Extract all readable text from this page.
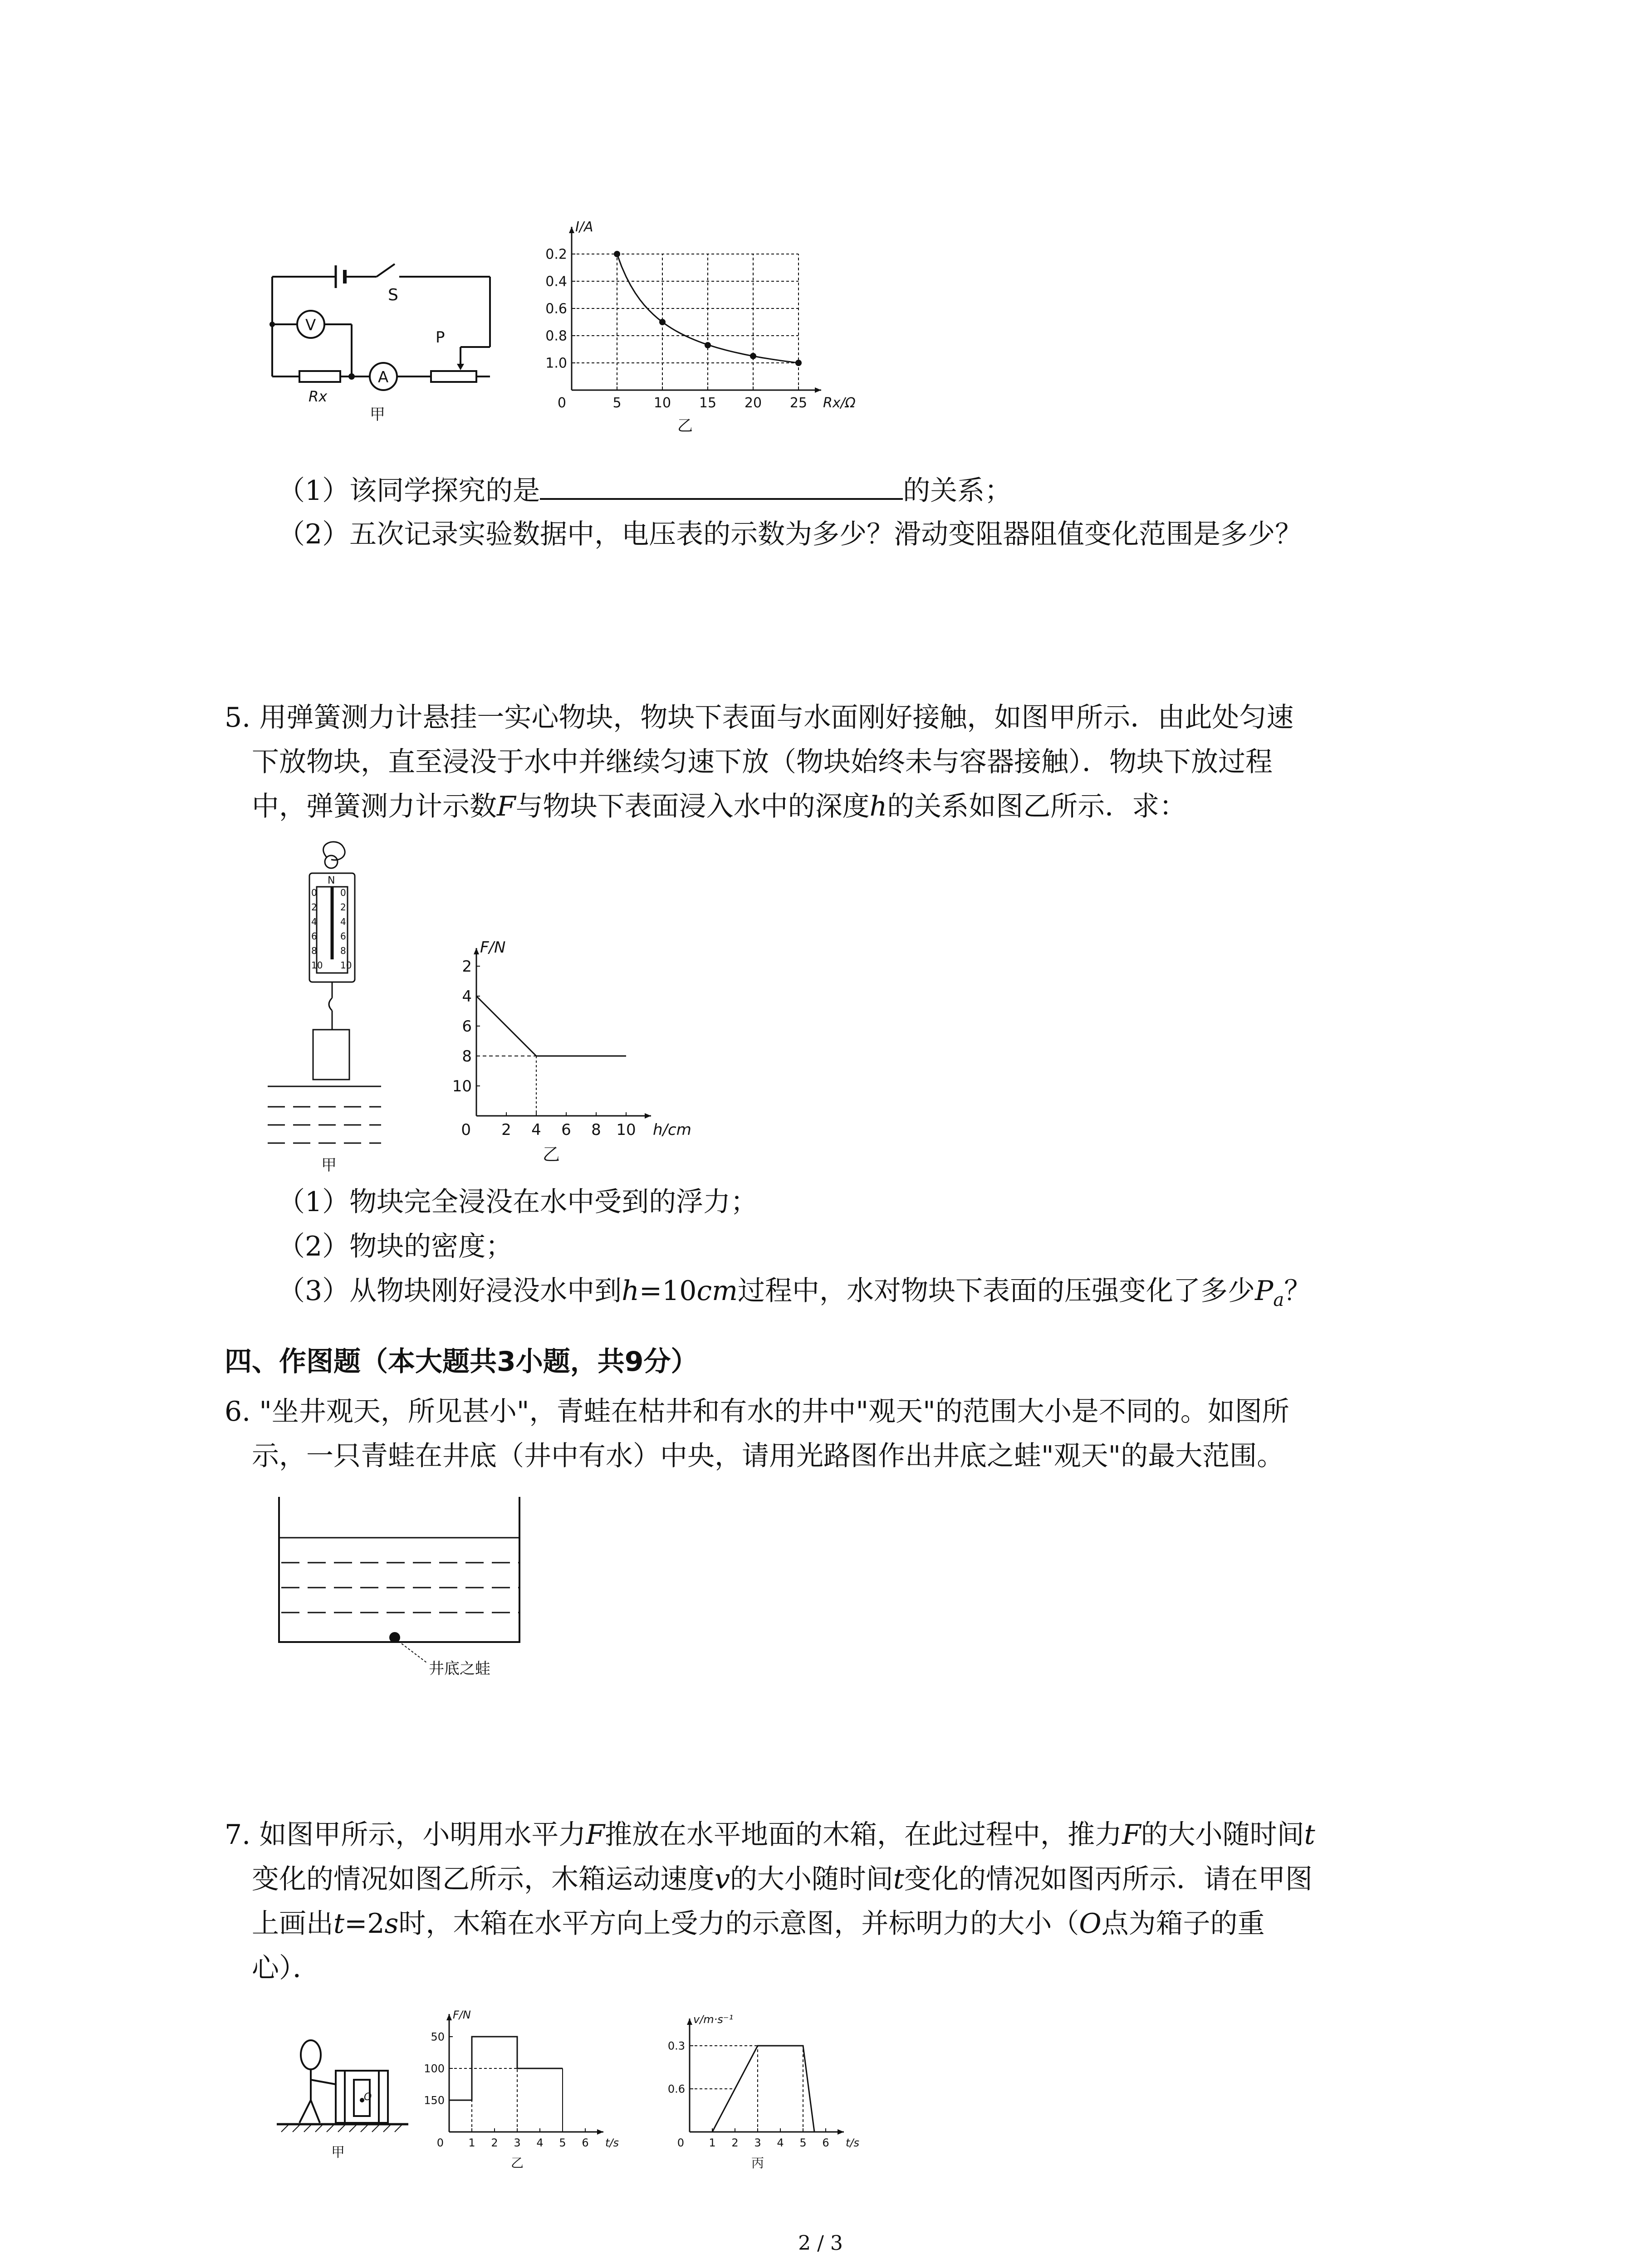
S
V
A
Rx
P
甲
5 10 15 20 25
1.0
0.8
0.6
0.4
0.2
0
I/A
Rx/Ω
乙
（1）该同学探究的是	的关系；
（2）五次记录实验数据中，电压表的示数为多少？滑动变阻器阻值变化范围是多少？
5. 用弹簧测力计悬挂一实心物块，物块下表面与水面刚好接触，如图甲所示．由此处匀速
下放物块，直至浸没于水中并继续匀速下放（物块始终未与容器接触）．物块下放过程
中，弹簧测力计示数F与物块下表面浸入水中的深度h的关系如图乙所示．求：
N
0	0
2	2
4	4
6	6
8	8
10 10
甲
2 4 6 8 10
10
8
6
4
2
0
F/N
h/cm
乙
（1）物块完全浸没在水中受到的浮力；
（2）物块的密度；
（3）从物块刚好浸没水中到h=10cm过程中，水对物块下表面的压强变化了多少$P_a$？
四、作图题（本大题共3小题，共9分）
6. "坐井观天，所见甚小"，青蛙在枯井和有水的井中"观天"的范围大小是不同的。如图所
示，一只青蛙在井底（井中有水）中央，请用光路图作出井底之蛙"观天"的最大范围。
井底之蛙
7. 如图甲所示，小明用水平力F推放在水平地面的木箱，在此过程中，推力F的大小随时间t
变化的情况如图乙所示，木箱运动速度v的大小随时间t变化的情况如图丙所示．请在甲图
上画出t=2s时，木箱在水平方向上受力的示意图，并标明力的大小（O点为箱子的重
心）．
O
甲
1 2 3 4 5 6
150
100
50
0
F/N
t/s
乙
1 2 3 4 5 6
0.6
0.3
0
v/m·s⁻¹
t/s
丙
2 / 3
